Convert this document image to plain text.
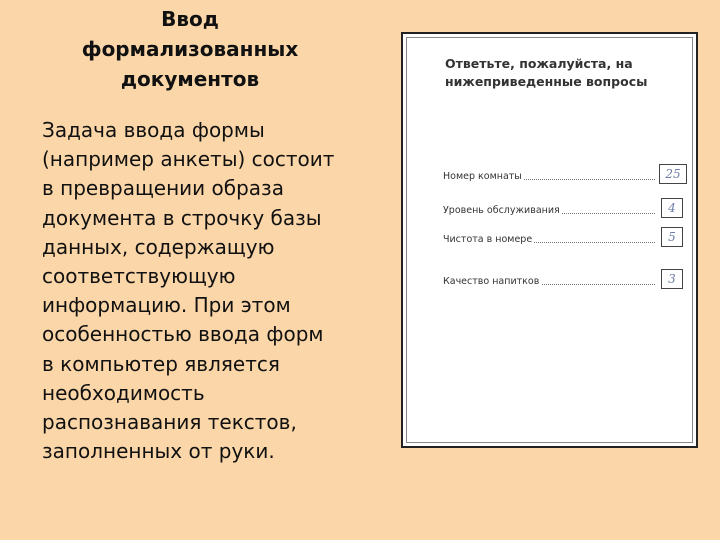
Ввод
формализованных
документов
Задача ввода формы
(например анкеты) состоит
в превращении образа
документа в строчку базы
данных, содержащую
соответствующую
информацию. При этом
особенностью ввода форм
в компьютер является
необходимость
распознавания текстов,
заполненных от руки.
Ответьте, пожалуйста, на
нижеприведенные вопросы
Номер комнаты	25
Уровень обслуживания	4
Чистота в номере	5
Качество напитков	3
